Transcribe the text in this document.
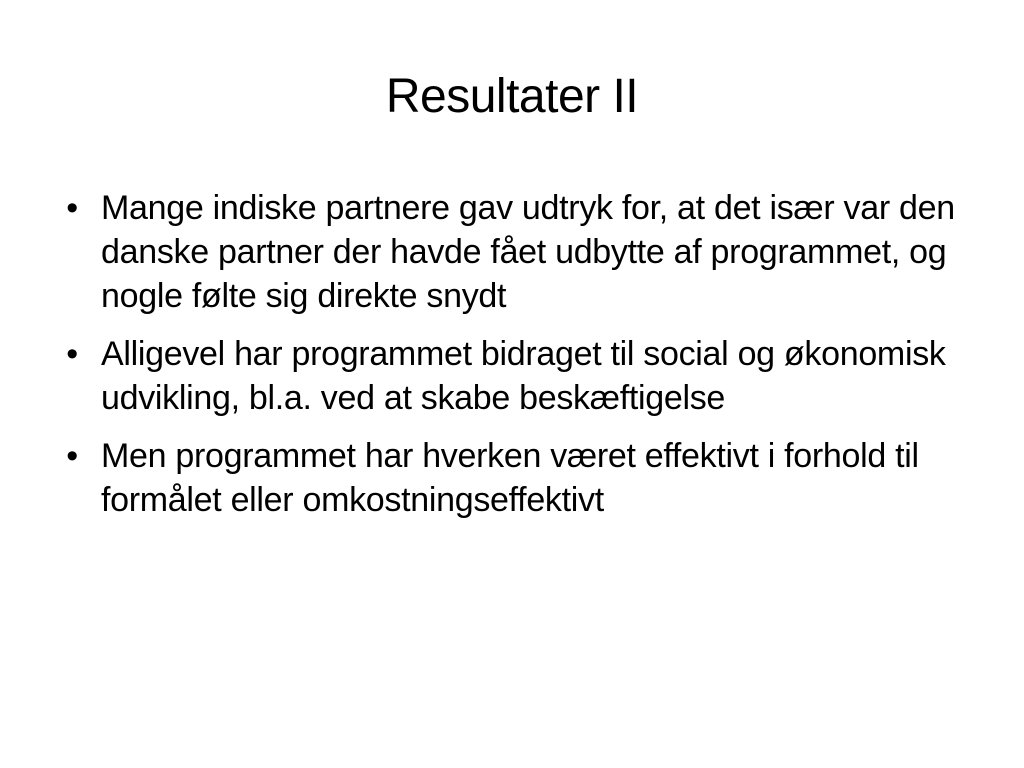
Resultater II
• Mange indiske partnere gav udtryk for, at det især var den danske partner der havde fået udbytte af programmet, og nogle følte sig direkte snydt
• Alligevel har programmet bidraget til social og økonomisk udvikling, bl.a. ved at skabe beskæftigelse
• Men programmet har hverken været effektivt i forhold til formålet eller omkostningseffektivt
